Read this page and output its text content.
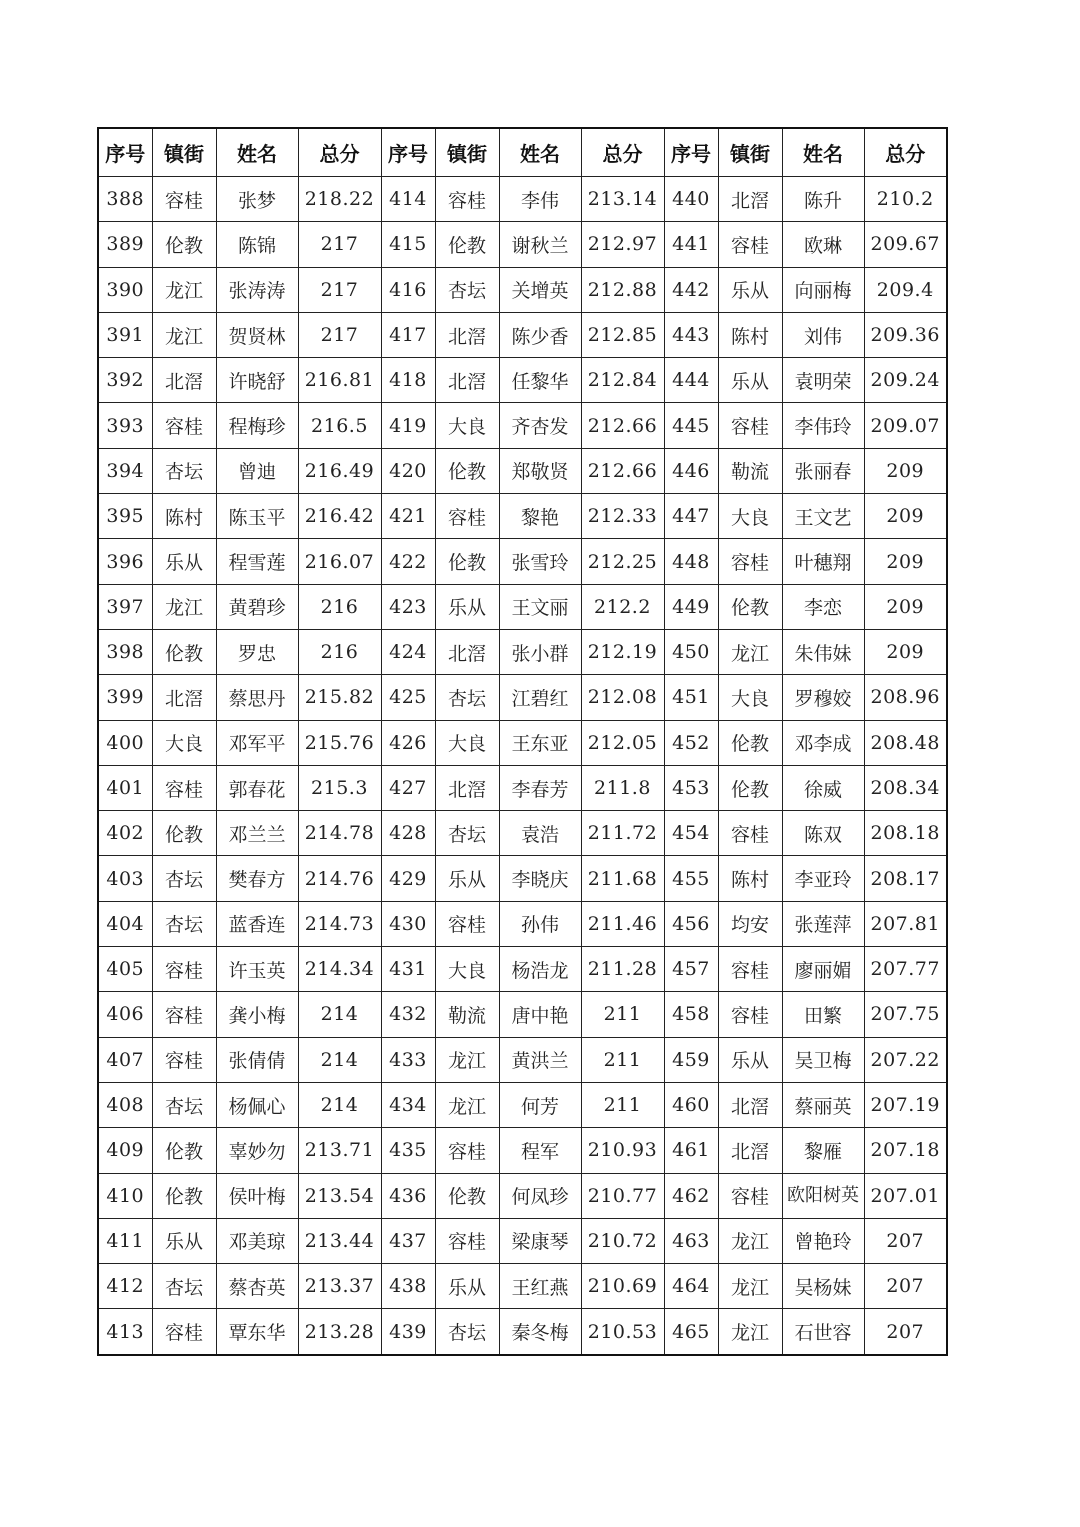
序号	镇街	姓名	总分	序号	镇街	姓名	总分	序号	镇街	姓名	总分
388	容桂	张梦	218.22	414	容桂	李伟	213.14	440	北滘	陈升	210.2
389	伦教	陈锦	217	415	伦教	谢秋兰	212.97	441	容桂	欧琳	209.67
390	龙江	张涛涛	217	416	杏坛	关增英	212.88	442	乐从	向丽梅	209.4
391	龙江	贺贤林	217	417	北滘	陈少香	212.85	443	陈村	刘伟	209.36
392	北滘	许晓舒	216.81	418	北滘	任黎华	212.84	444	乐从	袁明荣	209.24
393	容桂	程梅珍	216.5	419	大良	齐杏发	212.66	445	容桂	李伟玲	209.07
394	杏坛	曾迪	216.49	420	伦教	郑敬贤	212.66	446	勒流	张丽春	209
395	陈村	陈玉平	216.42	421	容桂	黎艳	212.33	447	大良	王文艺	209
396	乐从	程雪莲	216.07	422	伦教	张雪玲	212.25	448	容桂	叶穗翔	209
397	龙江	黄碧珍	216	423	乐从	王文丽	212.2	449	伦教	李恋	209
398	伦教	罗忠	216	424	北滘	张小群	212.19	450	龙江	朱伟妹	209
399	北滘	蔡思丹	215.82	425	杏坛	江碧红	212.08	451	大良	罗穆姣	208.96
400	大良	邓军平	215.76	426	大良	王东亚	212.05	452	伦教	邓李成	208.48
401	容桂	郭春花	215.3	427	北滘	李春芳	211.8	453	伦教	徐威	208.34
402	伦教	邓兰兰	214.78	428	杏坛	袁浩	211.72	454	容桂	陈双	208.18
403	杏坛	樊春方	214.76	429	乐从	李晓庆	211.68	455	陈村	李亚玲	208.17
404	杏坛	蓝香连	214.73	430	容桂	孙伟	211.46	456	均安	张莲萍	207.81
405	容桂	许玉英	214.34	431	大良	杨浩龙	211.28	457	容桂	廖丽媚	207.77
406	容桂	龚小梅	214	432	勒流	唐中艳	211	458	容桂	田繁	207.75
407	容桂	张倩倩	214	433	龙江	黄洪兰	211	459	乐从	吴卫梅	207.22
408	杏坛	杨佩心	214	434	龙江	何芳	211	460	北滘	蔡丽英	207.19
409	伦教	辜妙勿	213.71	435	容桂	程军	210.93	461	北滘	黎雁	207.18
410	伦教	侯叶梅	213.54	436	伦教	何凤珍	210.77	462	容桂	欧阳树英	207.01
411	乐从	邓美琼	213.44	437	容桂	梁康琴	210.72	463	龙江	曾艳玲	207
412	杏坛	蔡杏英	213.37	438	乐从	王红燕	210.69	464	龙江	吴杨妹	207
413	容桂	覃东华	213.28	439	杏坛	秦冬梅	210.53	465	龙江	石世容	207
